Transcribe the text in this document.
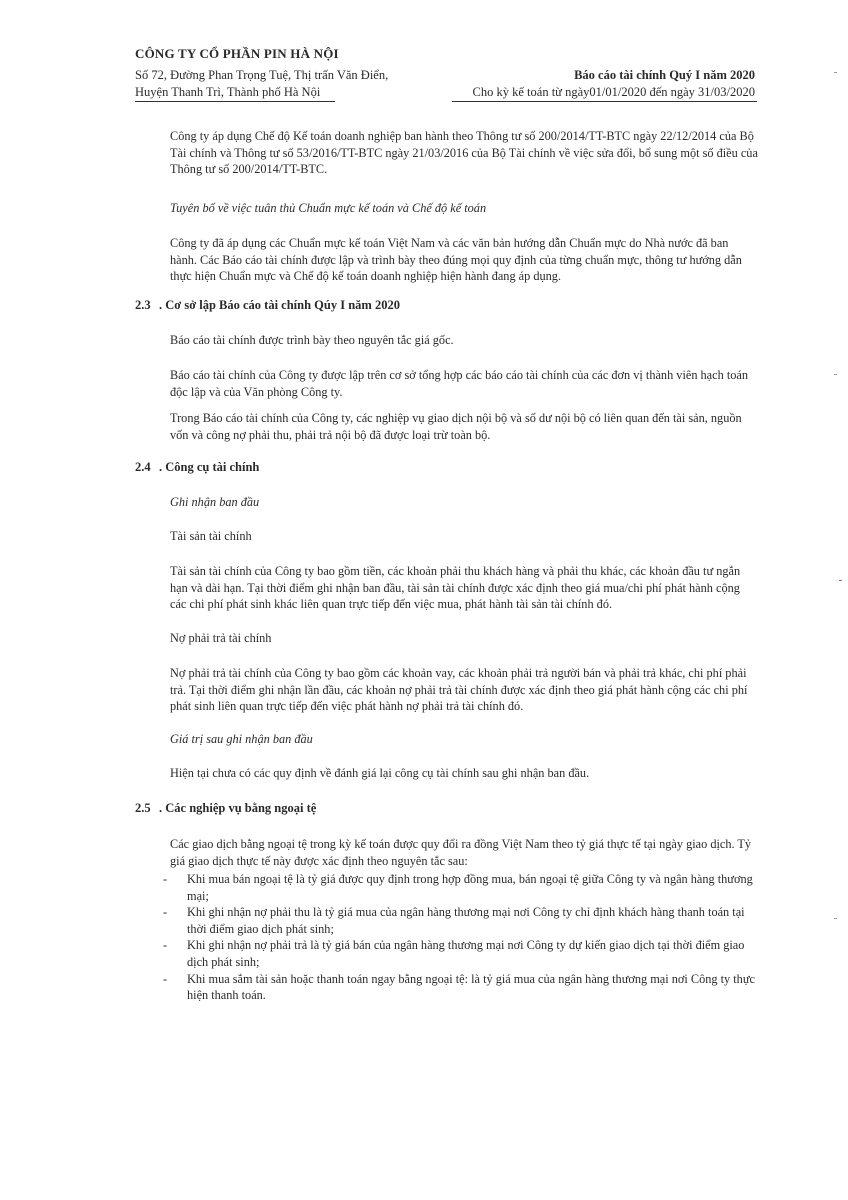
CÔNG TY CỔ PHẦN PIN HÀ NỘI
Số 72, Đường Phan Trọng Tuệ, Thị trấn Văn Điển,
Huyện Thanh Trì, Thành phố Hà Nội
Báo cáo tài chính Quý I năm 2020
Cho kỳ kế toán từ ngày01/01/2020 đến ngày 31/03/2020

Công ty áp dụng Chế độ Kế toán doanh nghiệp ban hành theo Thông tư số 200/2014/TT-BTC ngày 22/12/2014 của Bộ Tài chính và Thông tư số 53/2016/TT-BTC ngày 21/03/2016 của Bộ Tài chính về việc sửa đổi, bổ sung một số điều của Thông tư số 200/2014/TT-BTC.

Tuyên bố về việc tuân thủ Chuẩn mực kế toán và Chế độ kế toán

Công ty đã áp dụng các Chuẩn mực kế toán Việt Nam và các văn bản hướng dẫn Chuẩn mực do Nhà nước đã ban hành. Các Báo cáo tài chính được lập và trình bày theo đúng mọi quy định của từng chuẩn mực, thông tư hướng dẫn thực hiện Chuẩn mực và Chế độ kế toán doanh nghiệp hiện hành đang áp dụng.

2.3 . Cơ sở lập Báo cáo tài chính Qúy I năm 2020

Báo cáo tài chính được trình bày theo nguyên tắc giá gốc.

Báo cáo tài chính của Công ty được lập trên cơ sở tổng hợp các báo cáo tài chính của các đơn vị thành viên hạch toán độc lập và của Văn phòng Công ty.

Trong Báo cáo tài chính của Công ty, các nghiệp vụ giao dịch nội bộ và số dư nội bộ có liên quan đến tài sản, nguồn vốn và công nợ phải thu, phải trả nội bộ đã được loại trừ toàn bộ.

2.4 . Công cụ tài chính

Ghi nhận ban đầu

Tài sản tài chính

Tài sản tài chính của Công ty bao gồm tiền, các khoản phải thu khách hàng và phải thu khác, các khoản đầu tư ngắn hạn và dài hạn. Tại thời điểm ghi nhận ban đầu, tài sản tài chính được xác định theo giá mua/chi phí phát hành cộng các chi phí phát sinh khác liên quan trực tiếp đến việc mua, phát hành tài sản tài chính đó.

Nợ phải trả tài chính

Nợ phải trả tài chính của Công ty bao gồm các khoản vay, các khoản phải trả người bán và phải trả khác, chi phí phải trả. Tại thời điểm ghi nhận lần đầu, các khoản nợ phải trả tài chính được xác định theo giá phát hành cộng các chi phí phát sinh liên quan trực tiếp đến việc phát hành nợ phải trả tài chính đó.

Giá trị sau ghi nhận ban đầu

Hiện tại chưa có các quy định về đánh giá lại công cụ tài chính sau ghi nhận ban đầu.

2.5 . Các nghiệp vụ bằng ngoại tệ

Các giao dịch bằng ngoại tệ trong kỳ kế toán được quy đổi ra đồng Việt Nam theo tỷ giá thực tế tại ngày giao dịch. Tỷ giá giao dịch thực tế này được xác định theo nguyên tắc sau:

- Khi mua bán ngoại tệ là tỷ giá được quy định trong hợp đồng mua, bán ngoại tệ giữa Công ty và ngân hàng thương mại;
- Khi ghi nhận nợ phải thu là tỷ giá mua của ngân hàng thương mại nơi Công ty chỉ định khách hàng thanh toán tại thời điểm giao dịch phát sinh;
- Khi ghi nhận nợ phải trả là tỷ giá bán của ngân hàng thương mại nơi Công ty dự kiến giao dịch tại thời điểm giao dịch phát sinh;
- Khi mua sắm tài sản hoặc thanh toán ngay bằng ngoại tệ: là tỷ giá mua của ngân hàng thương mại nơi Công ty thực hiện thanh toán.
